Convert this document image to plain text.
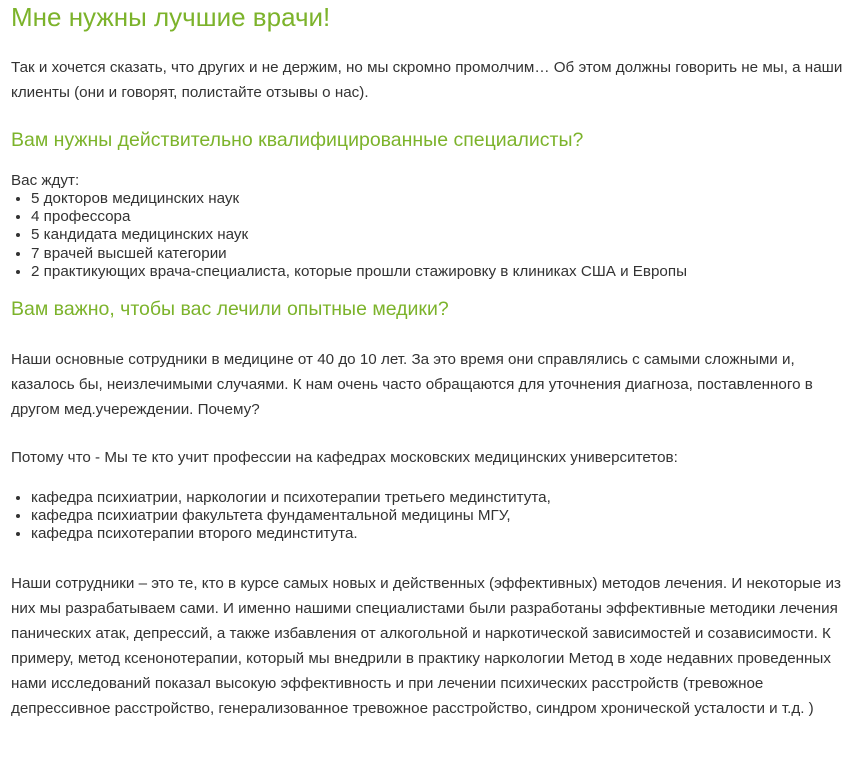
Мне нужны лучшие врачи!

Так и хочется сказать, что других и не держим, но мы скромно промолчим… Об этом должны говорить не мы, а наши клиенты (они и говорят, полистайте отзывы о нас).

Вам нужны действительно квалифицированные специалисты?

Вас ждут:

• 5 докторов медицинских наук
• 4 профессора
• 5 кандидата медицинских наук
• 7 врачей высшей категории
• 2 практикующих врача-специалиста, которые прошли стажировку в клиниках США и Европы
Вам важно, чтобы вас лечили опытные медики?

Наши основные сотрудники в медицине от 40 до 10 лет. За это время они справлялись с самыми сложными и, казалось бы, неизлечимыми случаями. К нам очень часто обращаются для уточнения диагноза, поставленного в другом мед.учереждении. Почему?

Потому что - Мы те кто учит профессии на кафедрах московских медицинских университетов:

• кафедра психиатрии, наркологии и психотерапии третьего мединститута,
• кафедра психиатрии факультета фундаментальной медицины МГУ,
• кафедра психотерапии второго мединститута.

Наши сотрудники – это те, кто в курсе самых новых и действенных (эффективных) методов лечения. И некоторые из них мы разрабатываем сами. И именно нашими специалистами были разработаны эффективные методики лечения панических атак, депрессий, а также избавления от алкогольной и наркотической зависимостей и созависимости. К примеру, метод ксенонотерапии, который мы внедрили в практику наркологии Метод в ходе недавних проведенных нами исследований показал высокую эффективность и при лечении психических расстройств (тревожное депрессивное расстройство, генерализованное тревожное расстройство, синдром хронической усталости и т.д. )
